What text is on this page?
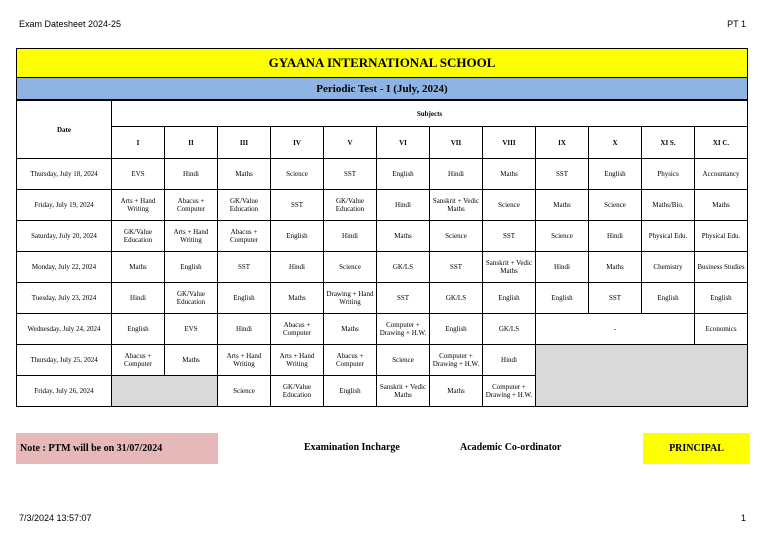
Exam Datesheet 2024-25	PT 1
GYAANA INTERNATIONAL SCHOOL
Periodic Test - I (July, 2024)
Date	Subjects											
	I	II	III	IV	V	VI	VII	VIII	IX	X	XI S.	XI C.
Thursday, July 18, 2024	EVS	Hindi	Maths	Science	SST	English	Hindi	Maths	SST	English	Physics	Accountancy
Friday, July 19, 2024	Arts + Hand Writing	Abacus + Computer	GK/Value Education	SST	GK/Value Education	Hindi	Sanskrit + Vedic Maths	Science	Maths	Science	Maths/Bio.	Maths
Saturday, July 20, 2024	GK/Value Education	Arts + Hand Writing	Abacus + Computer	English	Hindi	Maths	Science	SST	Science	Hindi	Physical Edu.	Physical Edu.
Monday, July 22, 2024	Maths	English	SST	Hindi	Science	GK/LS	SST	Sanskrit + Vedic Maths	Hindi	Maths	Chemistry	Business Studies
Tuesday, July 23, 2024	Hindi	GK/Value Education	English	Maths	Drawing + Hand Writing	SST	GK/LS	English	English	SST	English	English
Wednesday, July 24, 2024	English	EVS	Hindi	Abacus + Computer	Maths	Computer + Drawing + H.W.	English	GK/LS	-			Economics
Thursday, July 25, 2024	Abacus + Computer	Maths	Arts + Hand Writing	Arts + Hand Writing	Abacus + Computer	Science	Computer + Drawing + H.W.	Hindi				
Friday, July 26, 2024			Science	GK/Value Education	English	Sanskrit + Vedic Maths	Maths	Computer + Drawing + H.W.				
Note : PTM will be on 31/07/2024	Examination Incharge	Academic Co-ordinator	PRINCIPAL
7/3/2024 13:57:07	1
